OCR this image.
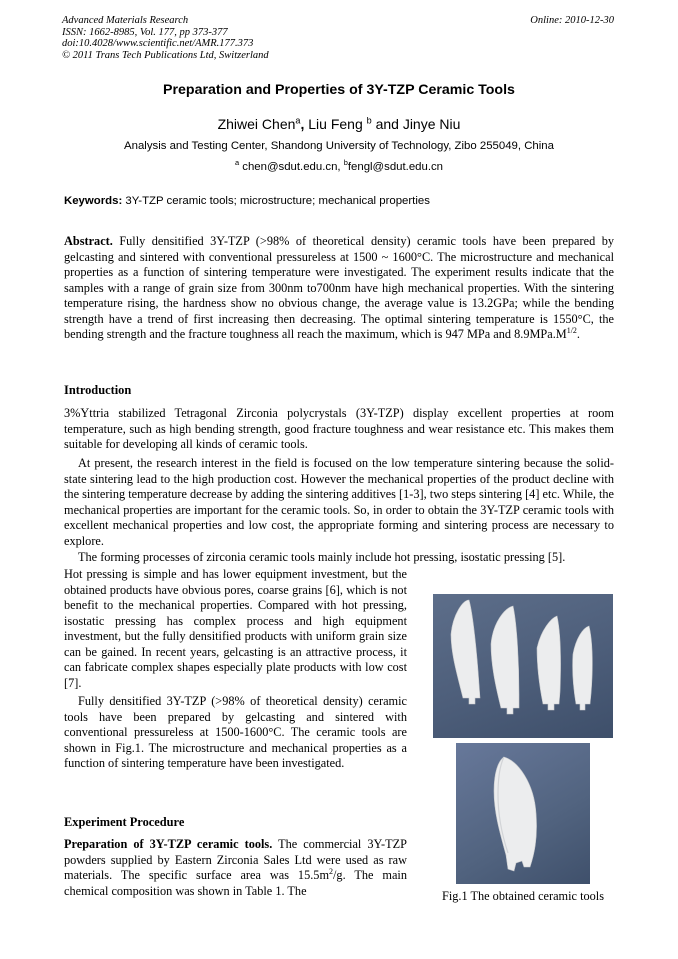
Advanced Materials Research
ISSN: 1662-8985, Vol. 177, pp 373-377
doi:10.4028/www.scientific.net/AMR.177.373
© 2011 Trans Tech Publications Ltd, Switzerland
Online: 2010-12-30
Preparation and Properties of 3Y-TZP Ceramic Tools
Zhiwei Chen$^a$, Liu Feng $^b$ and Jinye Niu
Analysis and Testing Center, Shandong University of Technology, Zibo 255049, China
$^a$ chen@sdut.edu.cn, $^b$fengl@sdut.edu.cn
Keywords: 3Y-TZP ceramic tools; microstructure; mechanical properties

Abstract. Fully densitified 3Y-TZP (>98% of theoretical density) ceramic tools have been prepared by gelcasting and sintered with conventional pressureless at 1500 ~ 1600°C. The microstructure and mechanical properties as a function of sintering temperature were investigated. The experiment results indicate that the samples with a range of grain size from 300nm to700nm have high mechanical properties. With the sintering temperature rising, the hardness show no obvious change, the average value is 13.2GPa; while the bending strength have a trend of first increasing then decreasing. The optimal sintering temperature is 1550°C, the bending strength and the fracture toughness all reach the maximum, which is 947 MPa and $8.9MPa.M^{1/2}$.

Introduction

3%Yttria stabilized Tetragonal Zirconia polycrystals (3Y-TZP) display excellent properties at room temperature, such as high bending strength, good fracture toughness and wear resistance etc. This makes them suitable for developing all kinds of ceramic tools.

At present, the research interest in the field is focused on the low temperature sintering because the solid-state sintering lead to the high production cost. However the mechanical properties of the product decline with the sintering temperature decrease by adding the sintering additives [1-3], two steps sintering [4] etc. While, the mechanical properties are important for the ceramic tools. So, in order to obtain the 3Y-TZP ceramic tools with excellent mechanical properties and low cost, the appropriate forming and sintering process are necessary to explore.

The forming processes of zirconia ceramic tools mainly include hot pressing, isostatic pressing [5].

Hot pressing is simple and has lower equipment investment, but the obtained products have obvious pores, coarse grains [6], which is not benefit to the mechanical properties. Compared with hot pressing, isostatic pressing has complex process and high equipment investment, but the fully densitified products with uniform grain size can be gained. In recent years, gelcasting is an attractive process, it can fabricate complex shapes especially plate products with low cost [7].

Fully densitified 3Y-TZP (>98% of theoretical density) ceramic tools have been prepared by gelcasting and sintered with conventional pressureless at 1500-1600°C. The ceramic tools are shown in Fig.1. The microstructure and mechanical properties as a function of sintering temperature have been investigated.

Experiment Procedure

Preparation of 3Y-TZP ceramic tools. The commercial 3Y-TZP powders supplied by Eastern Zirconia Sales Ltd were used as raw materials. The specific surface area was $15.5m^2/g$. The main chemical composition was shown in Table 1. The	Fig.1 The obtained ceramic tools
